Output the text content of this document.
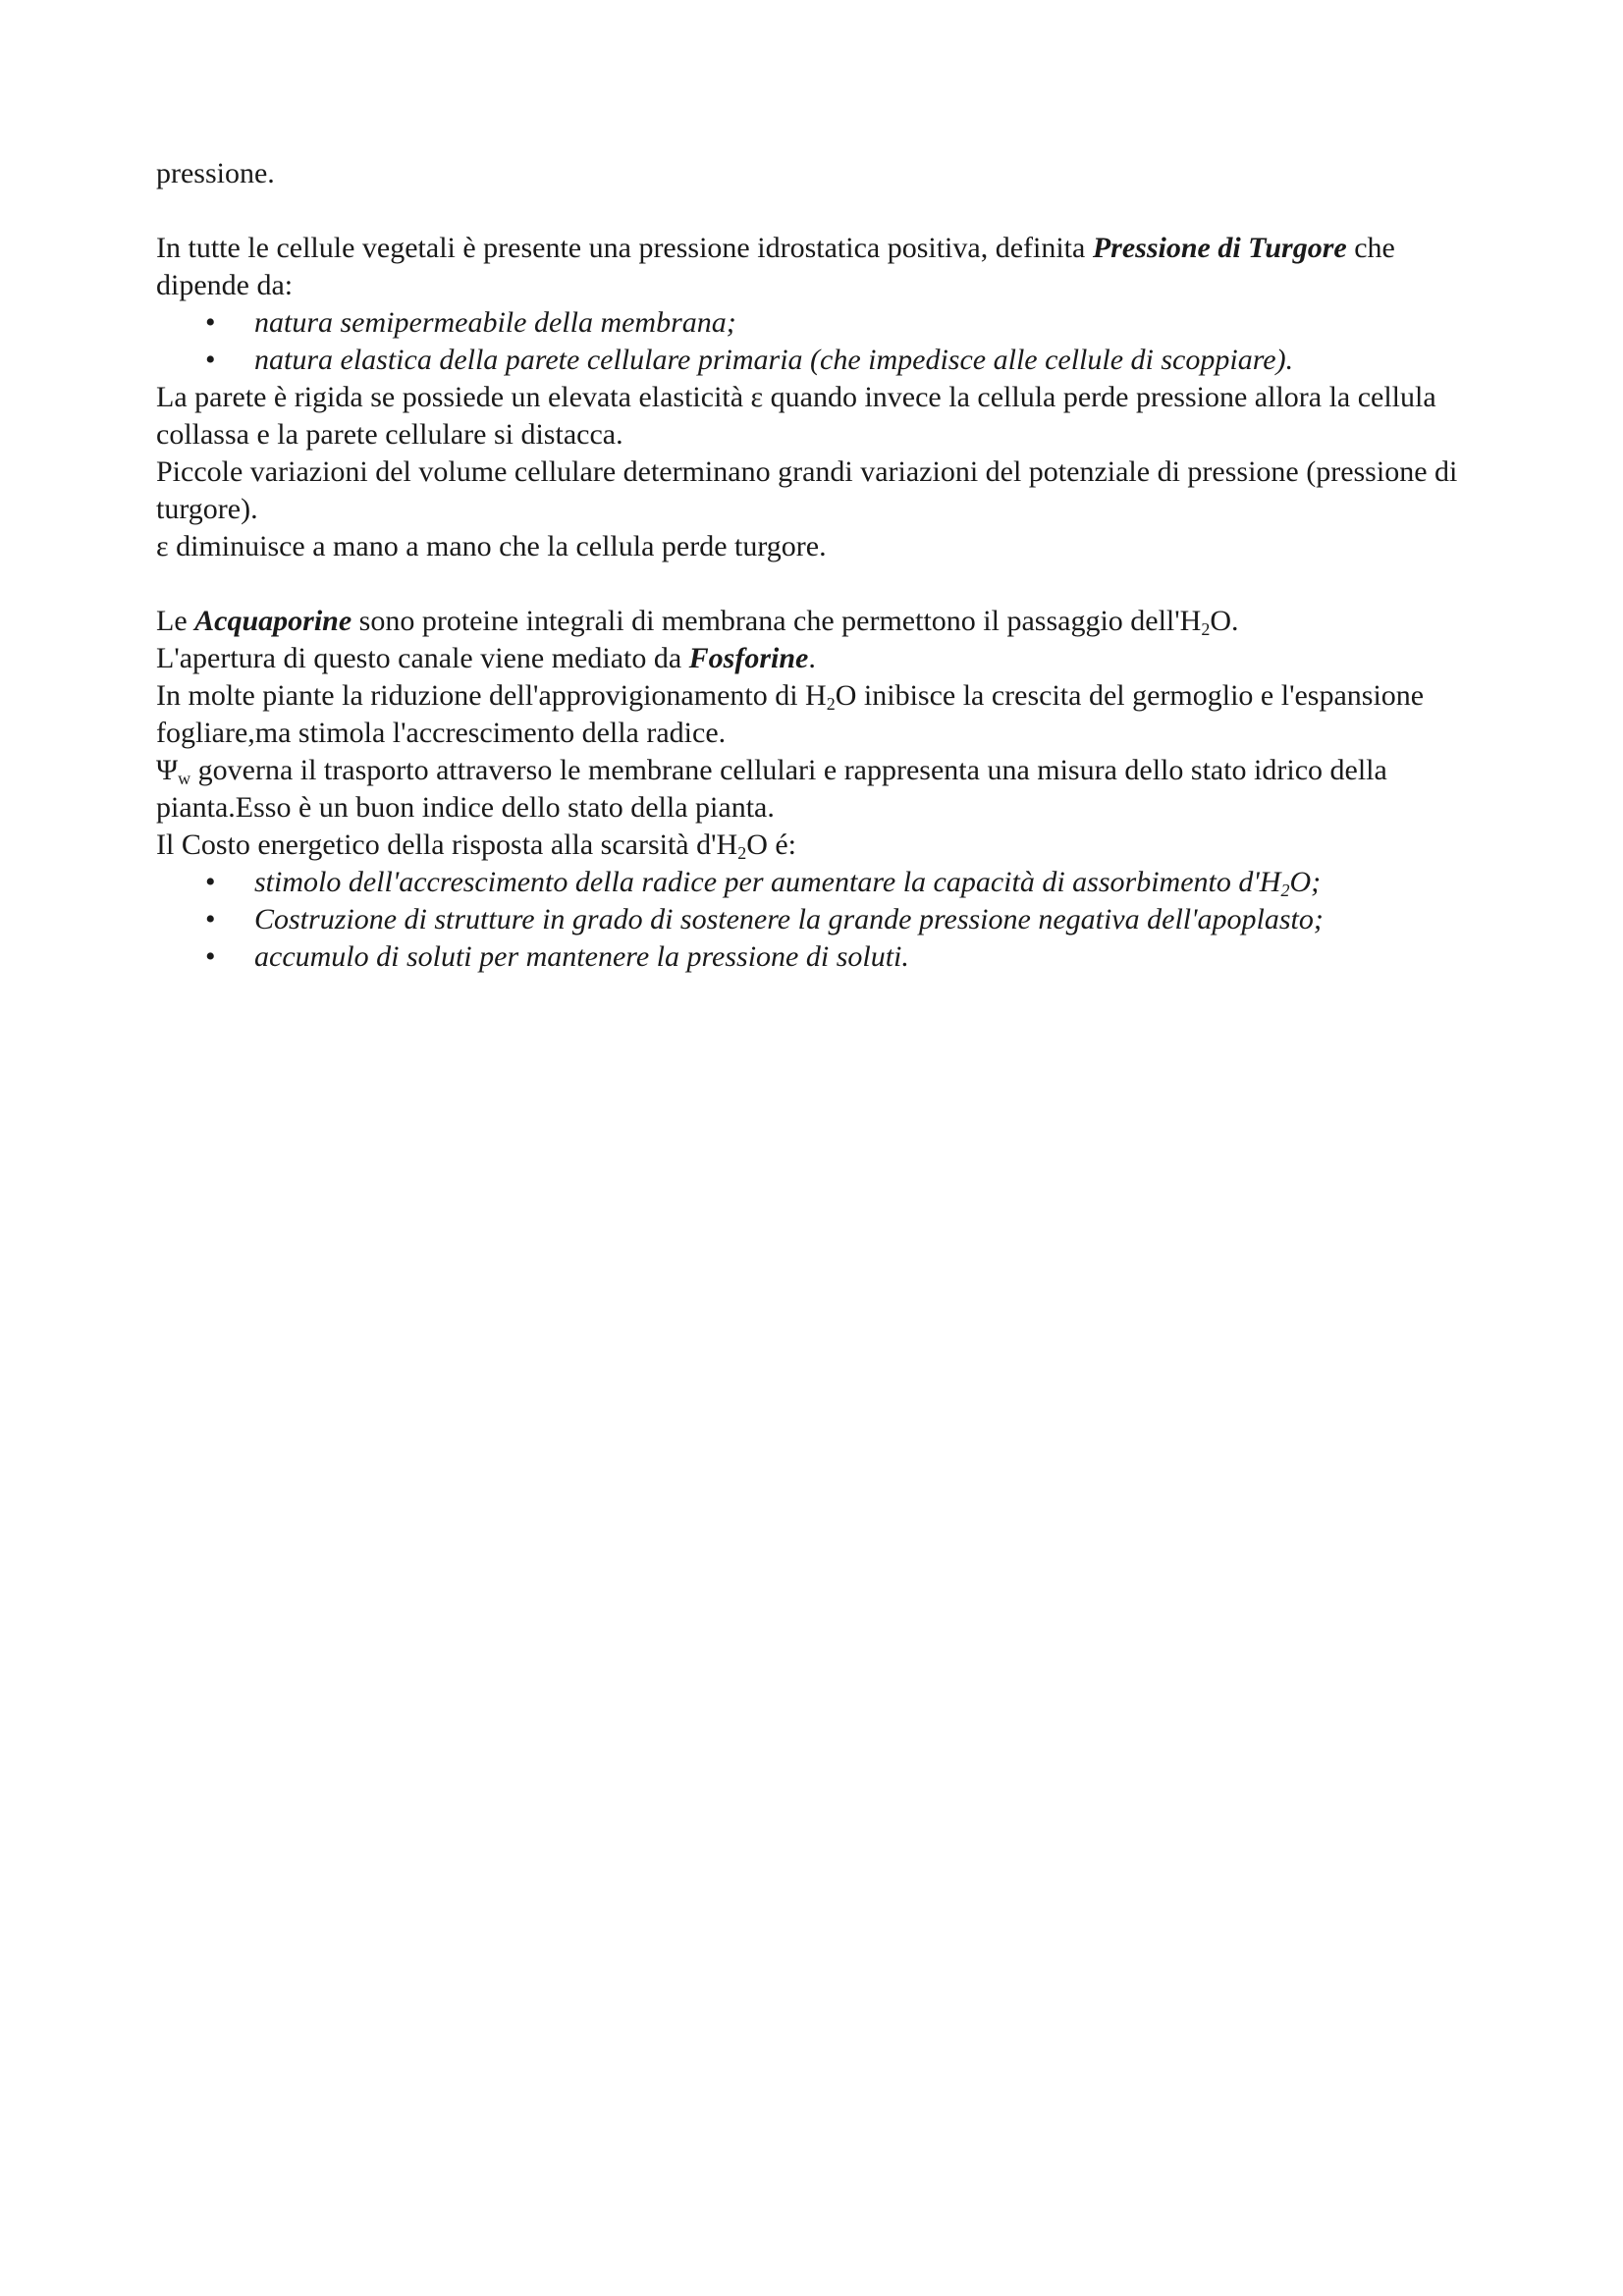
pressione.

In tutte le cellule vegetali è presente una pressione idrostatica positiva, definita Pressione di Turgore che dipende da:

• natura semipermeabile della membrana;
• natura elastica della parete cellulare primaria (che impedisce alle cellule di scoppiare).

La parete è rigida se possiede un elevata elasticità ε quando invece la cellula perde pressione allora la cellula collassa e la parete cellulare si distacca.

Piccole variazioni del volume cellulare determinano grandi variazioni del potenziale di pressione (pressione di turgore).

ε diminuisce a mano a mano che la cellula perde turgore.

Le Acquaporine sono proteine integrali di membrana che permettono il passaggio $dell'H_2O$.

L'apertura di questo canale viene mediato da Fosforine.

In molte piante la riduzione dell'approvigionamento di $H_2O$ inibisce la crescita del germoglio e l'espansione fogliare,ma stimola l'accrescimento della radice.

$\Psi_w$ governa il trasporto attraverso le membrane cellulari e rappresenta una misura dello stato idrico della pianta.Esso è un buon indice dello stato della pianta.

Il Costo energetico della risposta alla scarsità $d'H_2O$ é:

• stimolo dell'accrescimento della radice per aumentare la capacità di assorbimento $d'H_2O$;
• Costruzione di strutture in grado di sostenere la grande pressione negativa dell'apoplasto;
• accumulo di soluti per mantenere la pressione di soluti.
